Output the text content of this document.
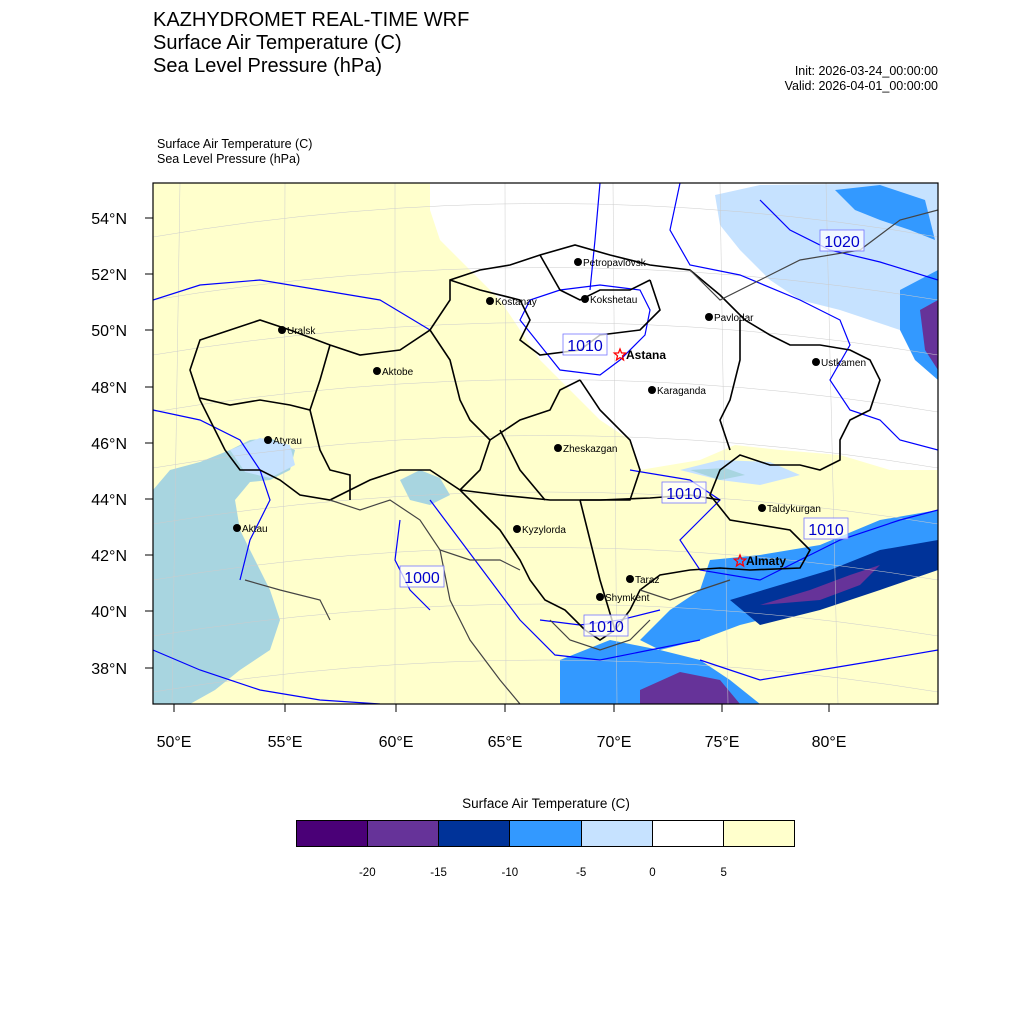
KAZHYDROMET REAL-TIME WRF
Surface Air Temperature (C)
Sea Level Pressure (hPa)	Init: 2026-03-24_00:00:00
Valid: 2026-04-01_00:00:00
Surface Air Temperature (C)
Sea Level Pressure (hPa)
54°N
52°N
50°N
48°N
46°N
44°N
42°N
40°N
38°N
50°E	55°E	60°E	65°E	70°E	75°E	80°E
1020
1010
1010
1010
1000
1010
Petropavlovsk
Kostanay	Kokshetau
Pavlodar
Uralsk
Astana
Ustkamen
Aktobe
Karaganda
Atyrau
Zheskazgan
Taldykurgan
Aktau	Kyzylorda
Almaty
Taraz
Shymkent
Surface Air Temperature (C)
-20	-15	-10	-5	0	5
